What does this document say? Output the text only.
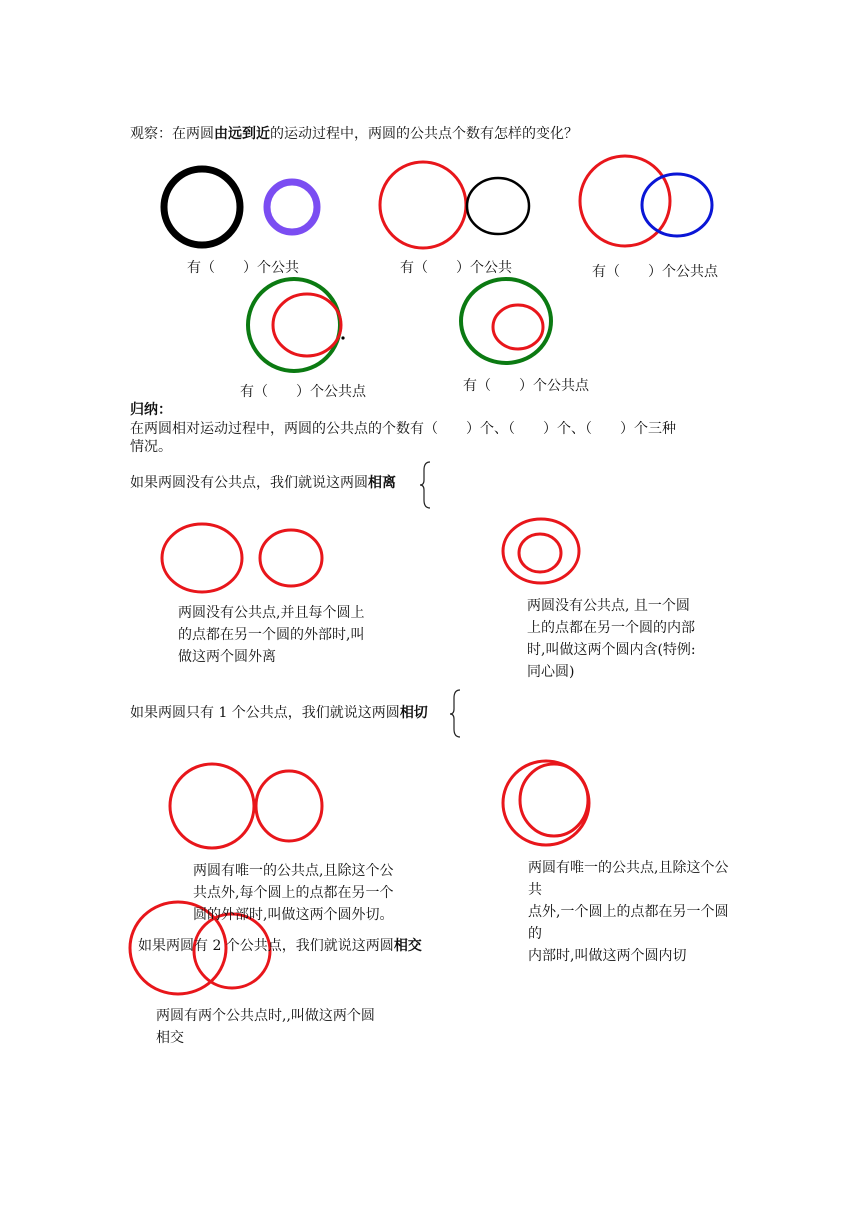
观察：在两圆由远到近的运动过程中，两圆的公共点个数有怎样的变化？
有（　　）个公共	有（　　）个公共	有（　　）个公共点
有（　　）个公共点	有（　　）个公共点
归纳：
在两圆相对运动过程中，两圆的公共点的个数有（　　）个、（　　）个、（　　）个三种
情况。
如果两圆没有公共点，我们就说这两圆相离
两圆没有公共点,并且每个圆上
的点都在另一个圆的外部时,叫
做这两个圆外离
两圆没有公共点, 且一个圆
上的点都在另一个圆的内部
时,叫做这两个圆内含(特例:
同心圆)
如果两圆只有 1 个公共点，我们就说这两圆相切
两圆有唯一的公共点,且除这个公
共点外,每个圆上的点都在另一个
圆的外部时,叫做这两个圆外切。
两圆有唯一的公共点,且除这个公
共
点外,一个圆上的点都在另一个圆
的
内部时,叫做这两个圆内切
如果两圆有 2 个公共点，我们就说这两圆相交
两圆有两个公共点时,,叫做这两个圆
相交
